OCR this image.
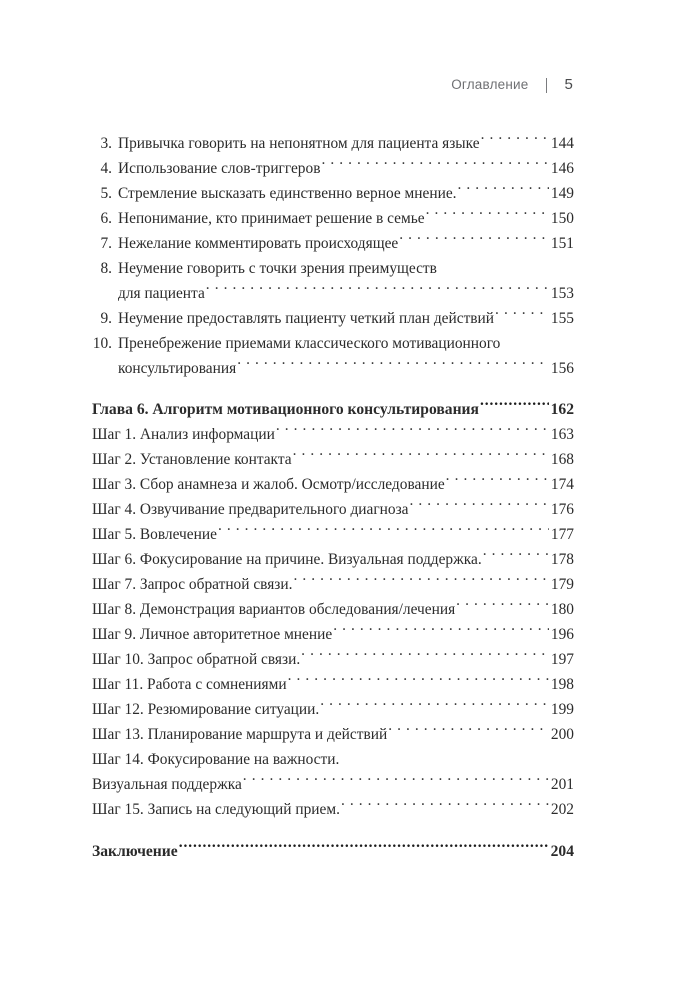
Оглавление 5
3. Привычка говорить на непонятном для пациента языке . . .	144
4. Использование слов-триггеров . . .	146
5. Стремление высказать единственно верное мнение. . . .	149
6. Непонимание, кто принимает решение в семье . . .	150
7. Нежелание комментировать происходящее . . .	151
8. Неумение говорить с точки зрения преимуществ
для пациента . . .	153
9. Неумение предоставлять пациенту четкий план действий . . .	155
10. Пренебрежение приемами классического мотивационного
консультирования . . .	156
Глава 6. Алгоритм мотивационного консультирования .....	162
Шаг 1. Анализ информации . . .	163
Шаг 2. Установление контакта . . .	168
Шаг 3. Сбор анамнеза и жалоб. Осмотр/исследование . . .	174
Шаг 4. Озвучивание предварительного диагноза . . .	176
Шаг 5. Вовлечение . . .	177
Шаг 6. Фокусирование на причине. Визуальная поддержка. . . .	178
Шаг 7. Запрос обратной связи. . . .	179
Шаг 8. Демонстрация вариантов обследования/лечения . . .	180
Шаг 9. Личное авторитетное мнение . . .	196
Шаг 10. Запрос обратной связи. . . .	197
Шаг 11. Работа с сомнениями . . .	198
Шаг 12. Резюмирование ситуации. . . .	199
Шаг 13. Планирование маршрута и действий . . .	200
Шаг 14. Фокусирование на важности.
Визуальная поддержка . . .	201
Шаг 15. Запись на следующий прием. . . .	202
Заключение .....	204
